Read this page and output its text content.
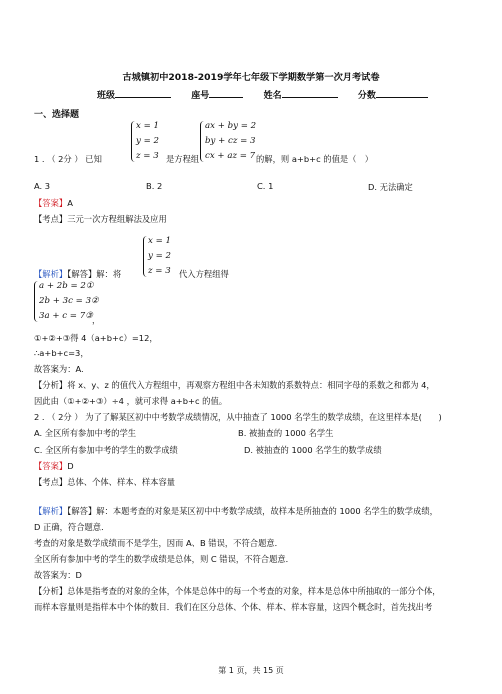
古城镇初中2018-2019学年七年级下学期数学第一次月考试卷
班级	座号	姓名	分数
一、选择题
1 . （ 2分 ） 已知
x = 1
y = 2
z = 3 是方程组
ax + by = 2
by + cz = 3
cx + az = 7 的解，则 a+b+c 的值是（　）
A. 3	B. 2	C. 1	D. 无法确定
【答案】A
【考点】三元一次方程组解法及应用
x = 1
y = 2
z = 3
【解析】【解答】解：将	代入方程组得
a + 2b = 2①
2b + 3c = 3②
3a + c = 7③ ，
①+②+③得 4（a+b+c）=12，
∴a+b+c=3，
故答案为：A.
【分析】将 x、y、z 的值代入方程组中，再观察方程组中各未知数的系数特点：相同字母的系数之和都为 4，
因此由（①+②+③）÷4 ，就可求得 a+b+c 的值。
2 . （ 2分 ） 为了了解某区初中中考数学成绩情况，从中抽查了 1000 名学生的数学成绩，在这里样本是(　　)
A. 全区所有参加中考的学生	B. 被抽查的 1000 名学生
C. 全区所有参加中考的学生的数学成绩	D. 被抽查的 1000 名学生的数学成绩
【答案】D
【考点】总体、个体、样本、样本容量
【解析】【解答】解：本题考查的对象是某区初中中考数学成绩，故样本是所抽查的 1000 名学生的数学成绩，
D 正确，符合题意．
考查的对象是数学成绩而不是学生，因而 A、B 错误，不符合题意．
全区所有参加中考的学生的数学成绩是总体，则 C 错误，不符合题意．
故答案为：D
【分析】总体是指考查的对象的全体，个体是总体中的每一个考查的对象，样本是总体中所抽取的一部分个体，
而样本容量则是指样本中个体的数目．我们在区分总体、个体、样本、样本容量，这四个概念时，首先找出考
第 1 页，共 15 页
